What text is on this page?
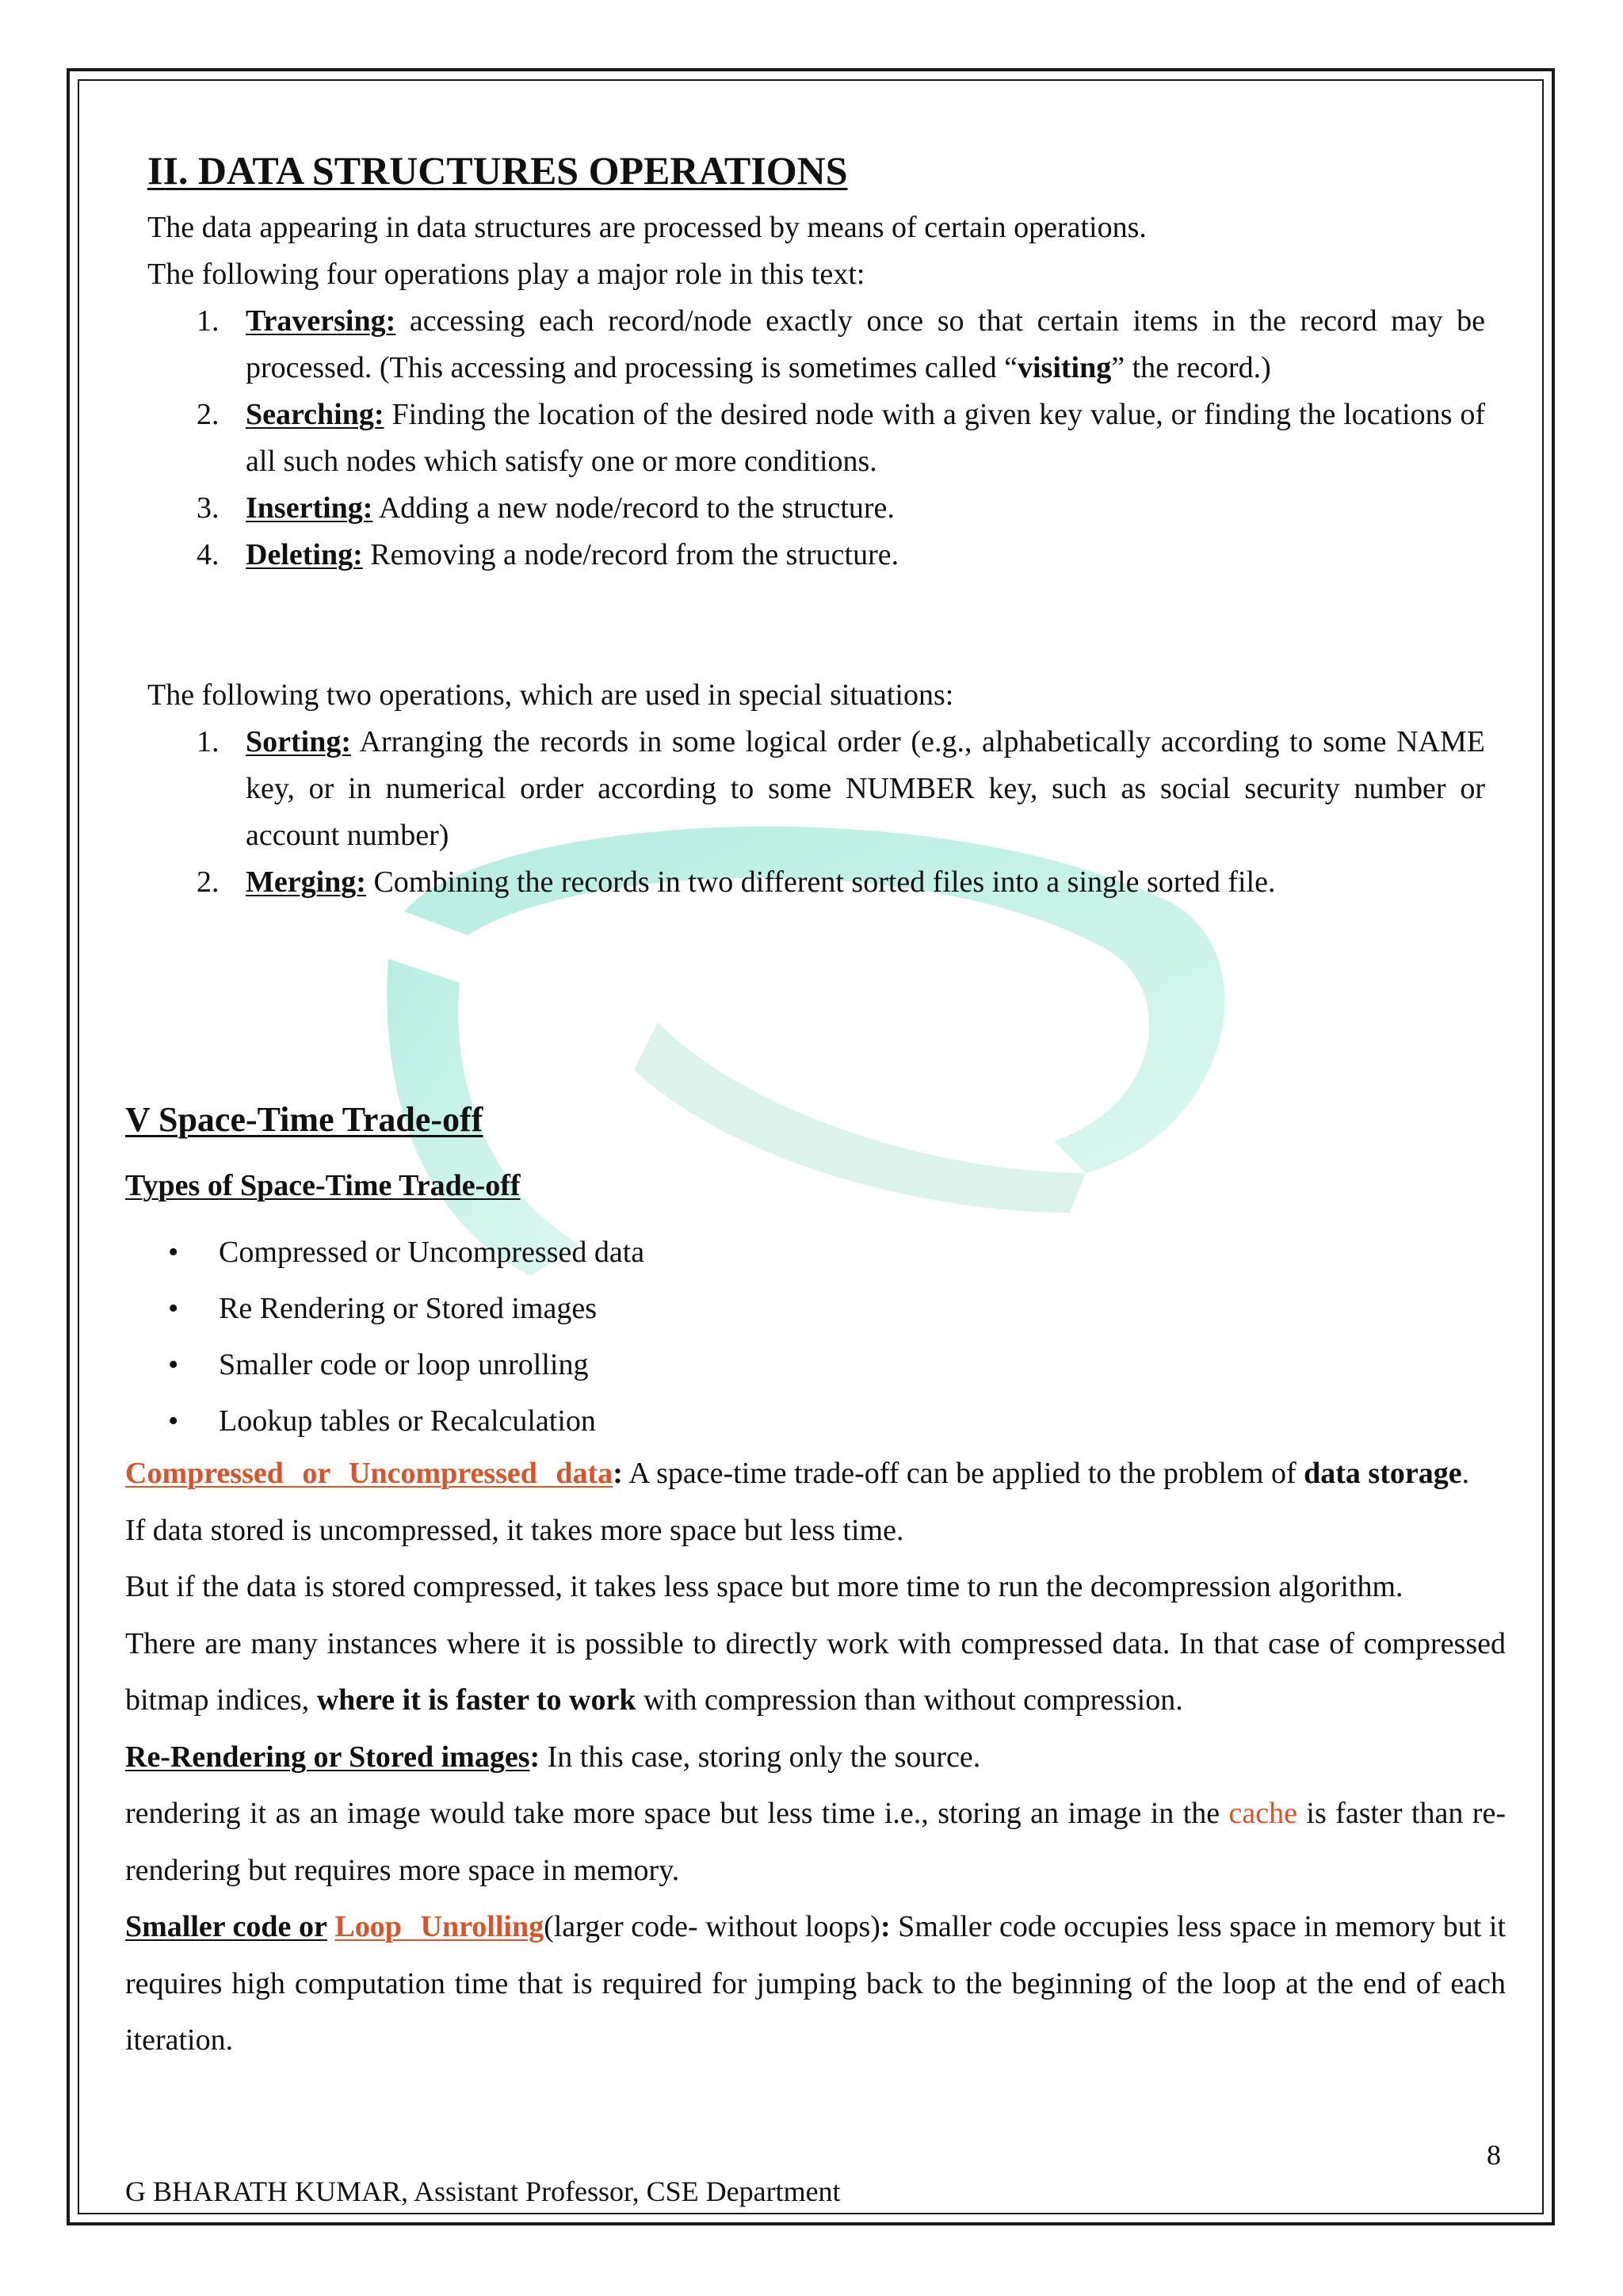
II. DATA STRUCTURES OPERATIONS

The data appearing in data structures are processed by means of certain operations.

The following four operations play a major role in this text:

1. Traversing: accessing each record/node exactly once so that certain items in the record may be processed. (This accessing and processing is sometimes called “visiting” the record.)
2. Searching: Finding the location of the desired node with a given key value, or finding the locations of all such nodes which satisfy one or more conditions.
3. Inserting: Adding a new node/record to the structure.
4. Deleting: Removing a node/record from the structure.

The following two operations, which are used in special situations:

1. Sorting: Arranging the records in some logical order (e.g., alphabetically according to some NAME key, or in numerical order according to some NUMBER key, such as social security number or account number)
2. Merging: Combining the records in two different sorted files into a single sorted file.
V Space-Time Trade-off
Types of Space-Time Trade-off
• Compressed or Uncompressed data
• Re Rendering or Stored images
• Smaller code or loop unrolling
• Lookup tables or Recalculation

Compressed or Uncompressed data: A space-time trade-off can be applied to the problem of data storage.

If data stored is uncompressed, it takes more space but less time.

But if the data is stored compressed, it takes less space but more time to run the decompression algorithm.

There are many instances where it is possible to directly work with compressed data. In that case of compressed bitmap indices, where it is faster to work with compression than without compression.

Re-Rendering or Stored images: In this case, storing only the source.

rendering it as an image would take more space but less time i.e., storing an image in the cache is faster than re-rendering but requires more space in memory.

Smaller code or Loop Unrolling(larger code- without loops): Smaller code occupies less space in memory but it requires high computation time that is required for jumping back to the beginning of the loop at the end of each iteration.

8
G BHARATH KUMAR, Assistant Professor, CSE Department
